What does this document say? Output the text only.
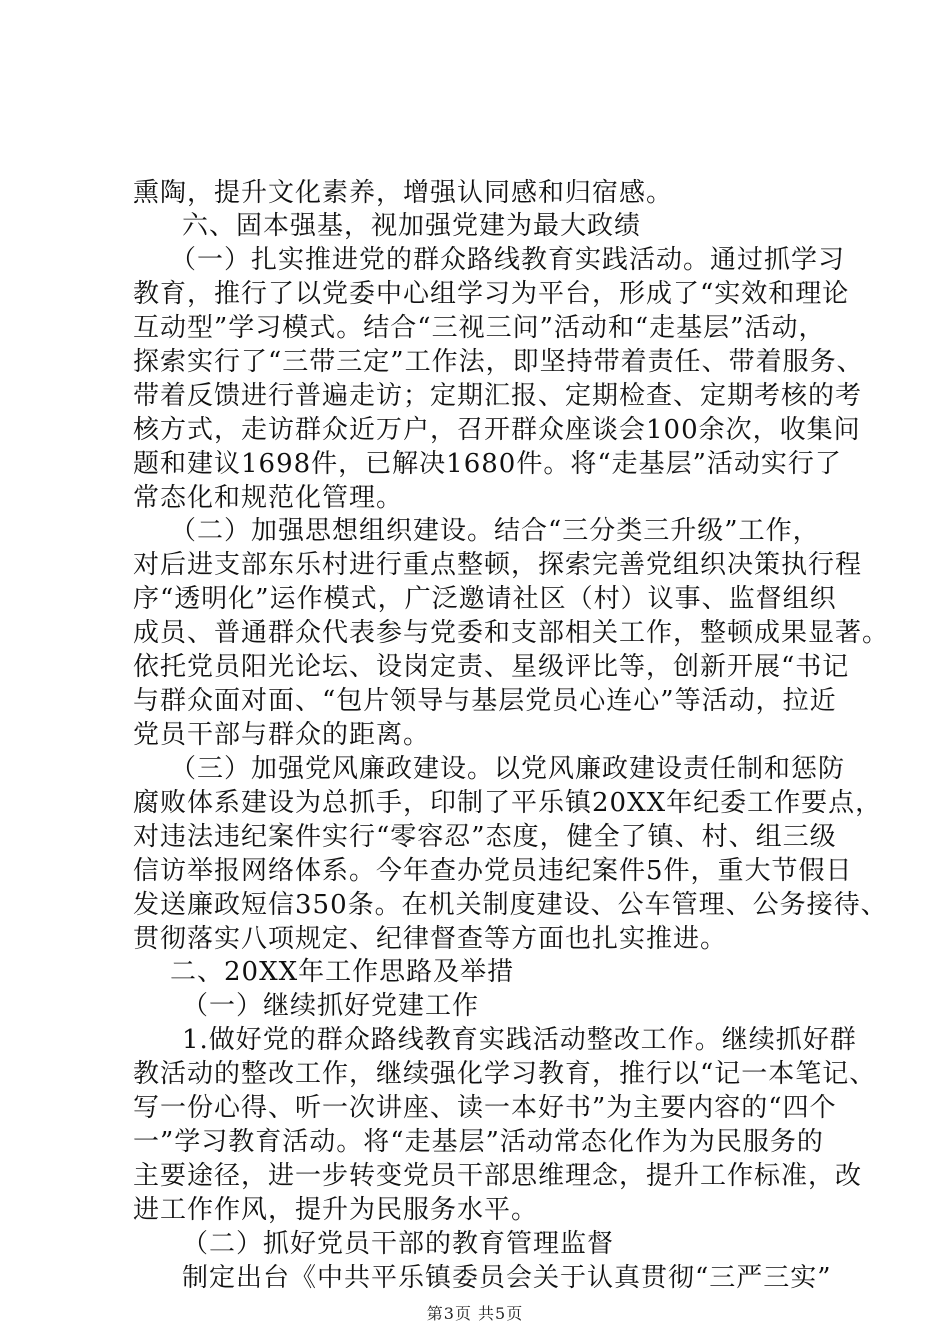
熏陶，提升文化素养，增强认同感和归宿感。
六、固本强基，视加强党建为最大政绩
（一）扎实推进党的群众路线教育实践活动。通过抓学习
教育，推行了以党委中心组学习为平台，形成了“实效和理论
互动型”学习模式。结合“三视三问”活动和“走基层”活动，
探索实行了“三带三定”工作法，即坚持带着责任、带着服务、
带着反馈进行普遍走访；定期汇报、定期检查、定期考核的考
核方式，走访群众近万户，召开群众座谈会100余次，收集问
题和建议1698件，已解决1680件。将“走基层”活动实行了
常态化和规范化管理。
（二）加强思想组织建设。结合“三分类三升级”工作，
对后进支部东乐村进行重点整顿，探索完善党组织决策执行程
序“透明化”运作模式，广泛邀请社区（村）议事、监督组织
成员、普通群众代表参与党委和支部相关工作，整顿成果显著。
依托党员阳光论坛、设岗定责、星级评比等，创新开展“书记
与群众面对面、“包片领导与基层党员心连心”等活动，拉近
党员干部与群众的距离。
（三）加强党风廉政建设。以党风廉政建设责任制和惩防
腐败体系建设为总抓手，印制了平乐镇20XX年纪委工作要点，
对违法违纪案件实行“零容忍”态度，健全了镇、村、组三级
信访举报网络体系。今年查办党员违纪案件5件，重大节假日
发送廉政短信350条。在机关制度建设、公车管理、公务接待、
贯彻落实八项规定、纪律督查等方面也扎实推进。
二、20XX年工作思路及举措
（一）继续抓好党建工作
1.做好党的群众路线教育实践活动整改工作。继续抓好群
教活动的整改工作，继续强化学习教育，推行以“记一本笔记、
写一份心得、听一次讲座、读一本好书”为主要内容的“四个
一”学习教育活动。将“走基层”活动常态化作为为民服务的
主要途径，进一步转变党员干部思维理念，提升工作标准，改
进工作作风，提升为民服务水平。
（二）抓好党员干部的教育管理监督
制定出台《中共平乐镇委员会关于认真贯彻“三严三实”
第3页 共5页
